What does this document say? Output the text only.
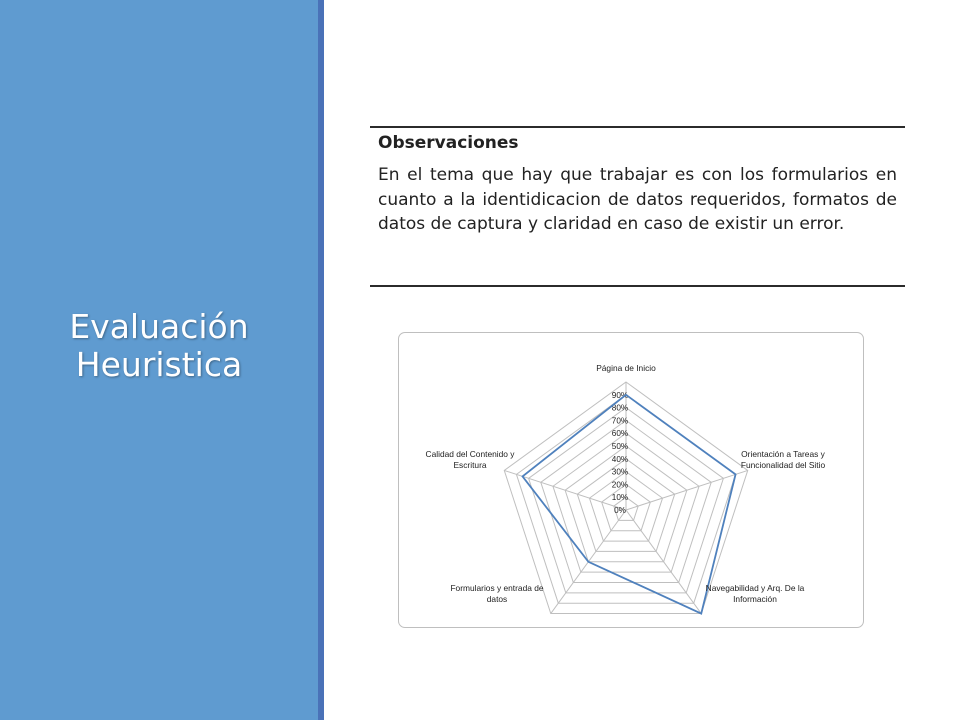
Evaluación
Heuristica

Observaciones

En el tema que hay que trabajar es con los formularios en cuanto a la identidicacion de datos requeridos, formatos de datos de captura y claridad en caso de existir un error.

0%
10%
20%
30%
40%
50%
60%
70%
80%
90%
Página de Inicio
Orientación a Tareas y Funcionalidad del Sitio
Navegabilidad y Arq. De la Información
Formularios y entrada de datos
Calidad del Contenido y Escritura
